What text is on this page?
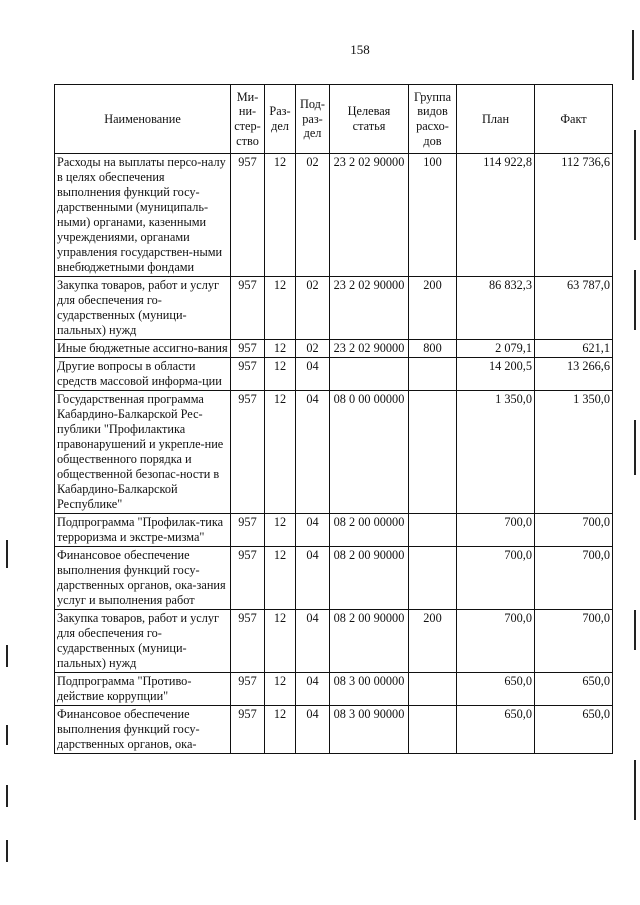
158
Наименование	Ми-ни-стер-ство	Раз-дел	Под-раз-дел	Целевая статья	Группа видов расхо-дов	План	Факт
Расходы на выплаты персо-налу в целях обеспечения выполнения функций госу-дарственными (муниципаль-ными) органами, казенными учреждениями, органами управления государствен-ными внебюджетными фондами	957	12	02	23 2 02 90000	100	114 922,8	112 736,6
Закупка товаров, работ и услуг для обеспечения го-сударственных (муници-пальных) нужд	957	12	02	23 2 02 90000	200	86 832,3	63 787,0
Иные бюджетные ассигно-вания	957	12	02	23 2 02 90000	800	2 079,1	621,1
Другие вопросы в области средств массовой информа-ции	957	12	04			14 200,5	13 266,6
Государственная программа Кабардино-Балкарской Рес-публики "Профилактика правонарушений и укрепле-ние общественного порядка и общественной безопас-ности в Кабардино-Балкарской Республике"	957	12	04	08 0 00 00000		1 350,0	1 350,0
Подпрограмма "Профилак-тика терроризма и экстре-мизма"	957	12	04	08 2 00 00000		700,0	700,0
Финансовое обеспечение выполнения функций госу-дарственных органов, ока-зания услуг и выполнения работ	957	12	04	08 2 00 90000		700,0	700,0
Закупка товаров, работ и услуг для обеспечения го-сударственных (муници-пальных) нужд	957	12	04	08 2 00 90000	200	700,0	700,0
Подпрограмма "Противо-действие коррупции"	957	12	04	08 3 00 00000		650,0	650,0
Финансовое обеспечение выполнения функций госу-дарственных органов, ока-	957	12	04	08 3 00 90000		650,0	650,0
